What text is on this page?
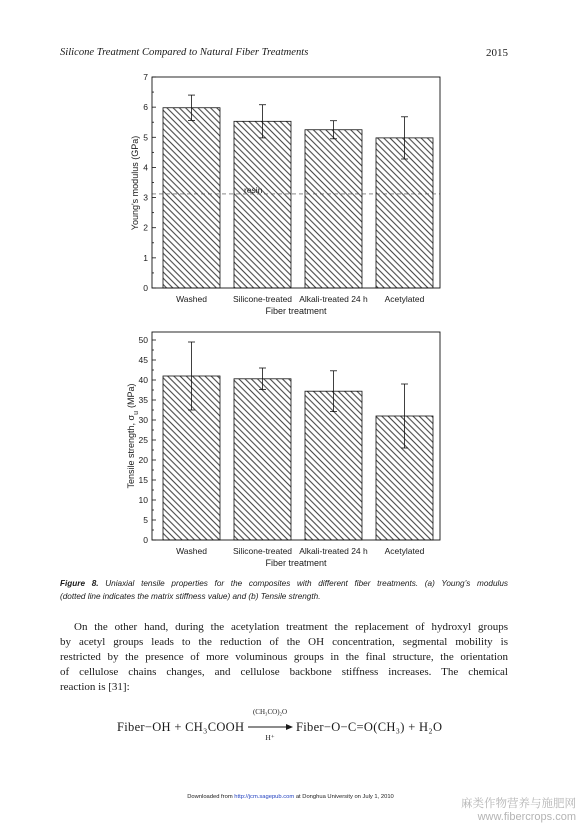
Silicone Treatment Compared to Natural Fiber Treatments	2015
0
1
2
3
4
5
6
7
Washed	Silicone-treated Alkali-treated 24 h Acetylated
resin
Young's modulus (GPa)
Fiber treatment
0
5
10
15
20
25
30
35
40
45
50
Washed	Silicone-treated Alkali-treated 24 h Acetylated
Tensile strength, $\sigma_u(MPa)$
Fiber treatment
Figure 8. Uniaxial tensile properties for the composites with different fiber treatments. (a) Young’s modulus
(dotted line indicates the matrix stiffness value) and (b) Tensile strength.
On the other hand, during the acetylation treatment the replacement of hydroxyl groups
by acetyl groups leads to the reduction of the OH concentration, segmental mobility is
restricted by the presence of more voluminous groups in the final structure, the orientation
of cellulose chains changes, and cellulose backbone stiffness increases. The chemical
reaction is [31]:
Fiber−OH + CH₃COOH
(CH₃CO)₂O
H⁺
Fiber−O−C=O(CH₃) + H₂O
Downloaded from http://jcm.sagepub.com at Donghua University on July 1, 2010	麻类作物营养与施肥网
www.fibercrops.com
